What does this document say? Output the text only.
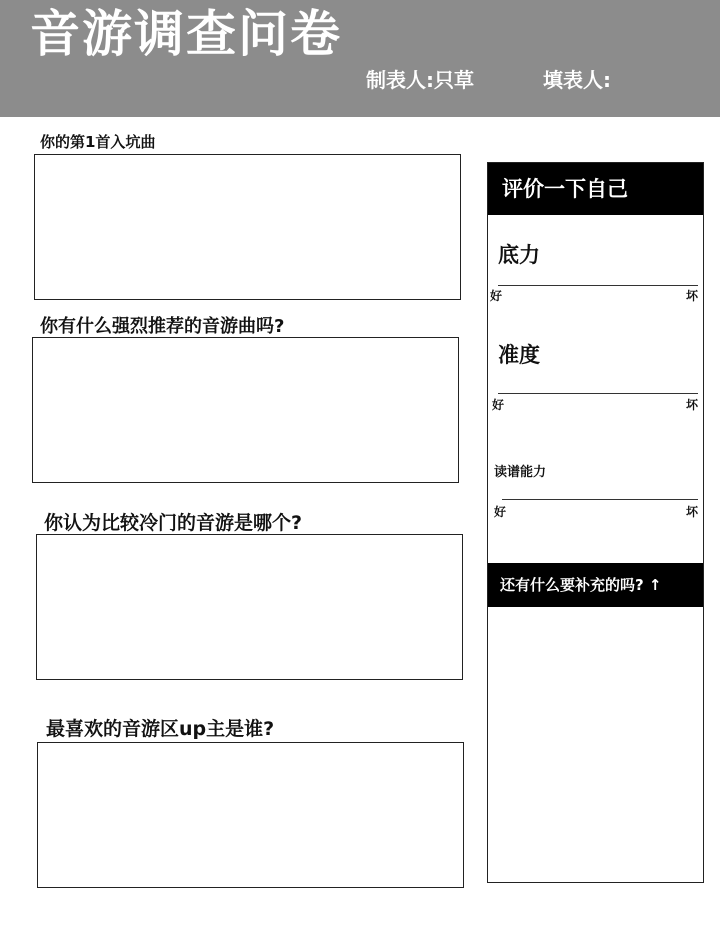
音游调查问卷
制表人:只草	填表人:
你的第1首入坑曲
你有什么强烈推荐的音游曲吗?
你认为比较冷门的音游是哪个?
最喜欢的音游区up主是谁?
评价一下自己
底力
好	坏
准度
好	坏
读谱能力
好	坏
还有什么要补充的吗? ↑
